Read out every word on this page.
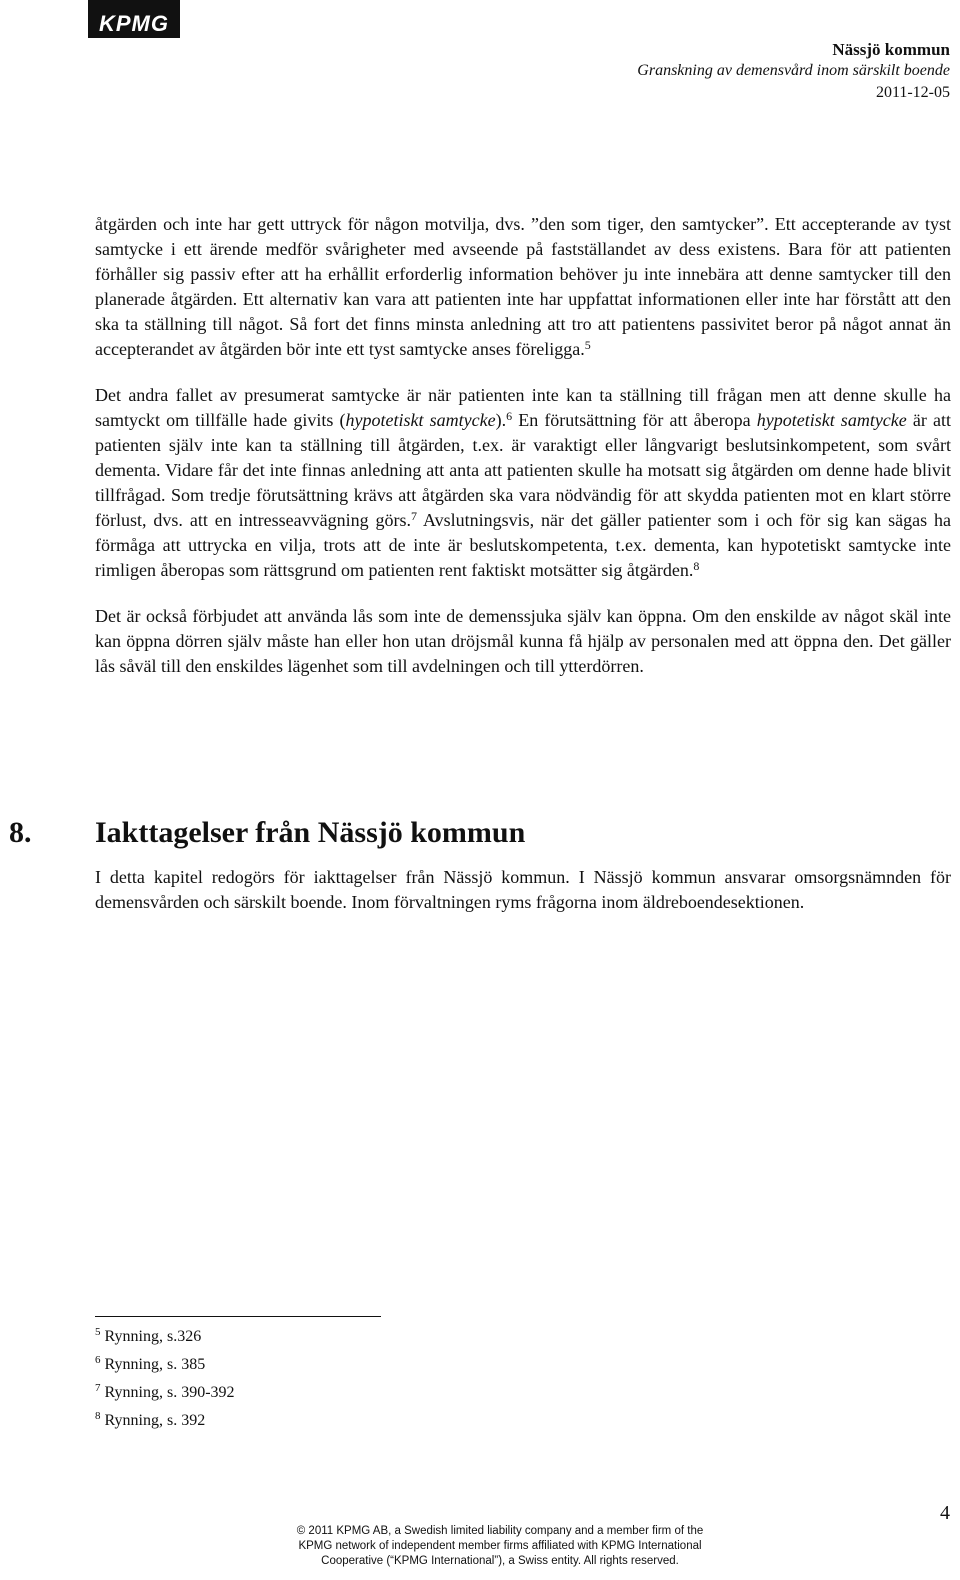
KPMG
Nässjö kommun
Granskning av demensvård inom särskilt boende
2011-12-05

åtgärden och inte har gett uttryck för någon motvilja, dvs. ”den som tiger, den samtycker”. Ett accepterande av tyst samtycke i ett ärende medför svårigheter med avseende på fastställandet av dess existens. Bara för att patienten förhåller sig passiv efter att ha erhållit erforderlig information behöver ju inte innebära att denne samtycker till den planerade åtgärden. Ett alternativ kan vara att patienten inte har uppfattat informationen eller inte har förstått att den ska ta ställning till något. Så fort det finns minsta anledning att tro att patientens passivitet beror på något annat än accepterandet av åtgärden bör inte ett tyst samtycke anses föreligga.$^5$

Det andra fallet av presumerat samtycke är när patienten inte kan ta ställning till frågan men att denne skulle ha samtyckt om tillfälle hade givits (hypotetiskt samtycke).$^6$ En förutsättning för att åberopa hypotetiskt samtycke är att patienten själv inte kan ta ställning till åtgärden, t.ex. är varaktigt eller långvarigt beslutsinkompetent, som svårt dementa. Vidare får det inte finnas anledning att anta att patienten skulle ha motsatt sig åtgärden om denne hade blivit tillfrågad. Som tredje förutsättning krävs att åtgärden ska vara nödvändig för att skydda patienten mot en klart större förlust, dvs. att en intresseavvägning görs.$^7$ Avslutningsvis, när det gäller patienter som i och för sig kan sägas ha förmåga att uttrycka en vilja, trots att de inte är beslutskompetenta, t.ex. dementa, kan hypotetiskt samtycke inte rimligen åberopas som rättsgrund om patienten rent faktiskt motsätter sig åtgärden.$^8$

Det är också förbjudet att använda lås som inte de demenssjuka själv kan öppna. Om den enskilde av något skäl inte kan öppna dörren själv måste han eller hon utan dröjsmål kunna få hjälp av personalen med att öppna den. Det gäller lås såväl till den enskildes lägenhet som till avdelningen och till ytterdörren.

8. Iakttagelser från Nässjö kommun

I detta kapitel redogörs för iakttagelser från Nässjö kommun. I Nässjö kommun ansvarar omsorgsnämnden för demensvården och särskilt boende. Inom förvaltningen ryms frågorna inom äldreboendesektionen.

$^5$ Rynning, s.326
$^6$ Rynning, s. 385
$^7$ Rynning, s. 390-392
$^8$ Rynning, s. 392
© 2011 KPMG AB, a Swedish limited liability company and a member firm of the
KPMG network of independent member firms affiliated with KPMG International
Cooperative (“KPMG International”), a Swiss entity. All rights reserved.
4
